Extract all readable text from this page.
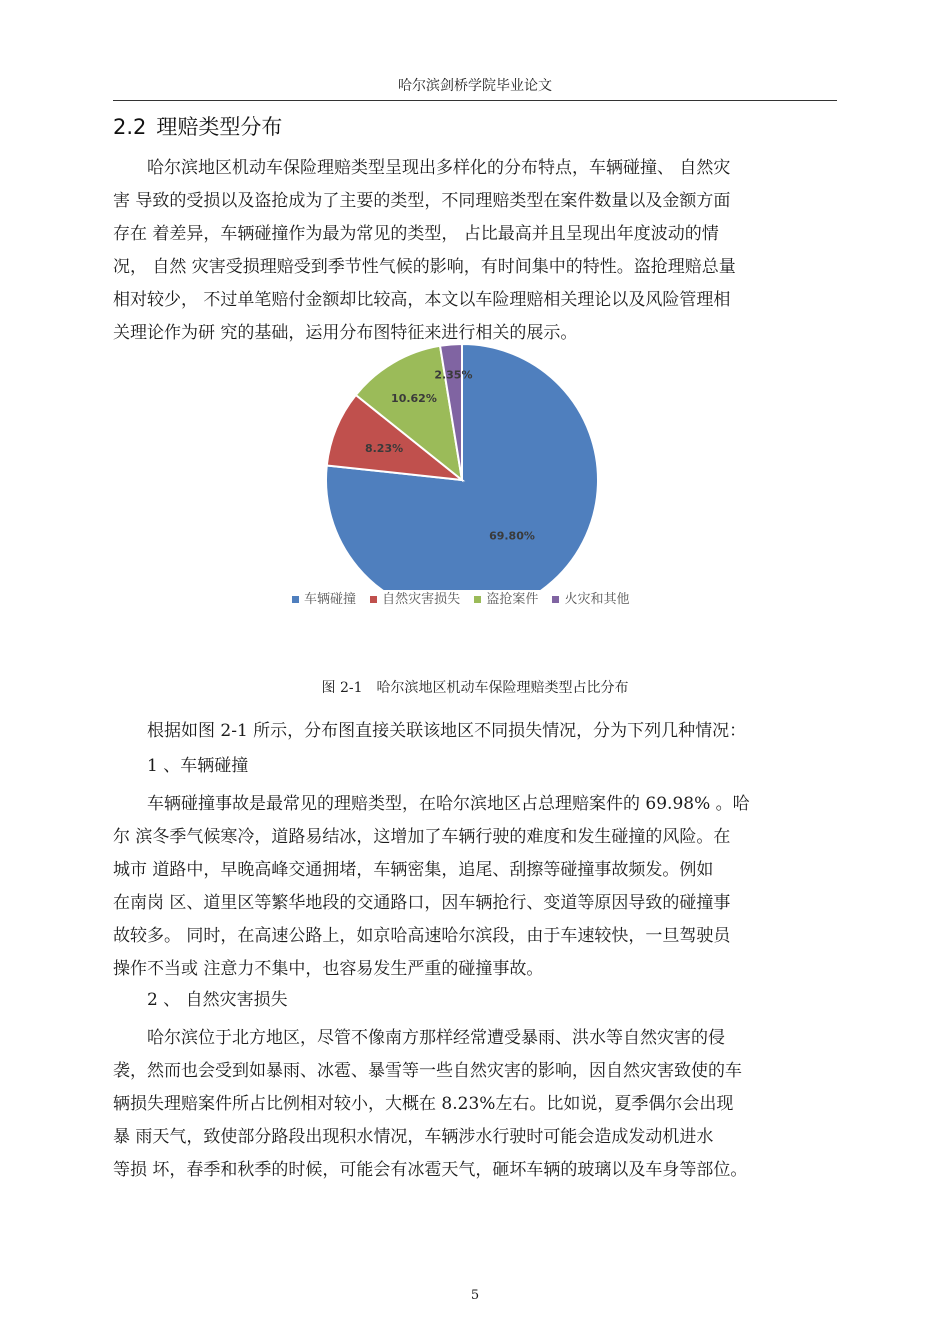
哈尔滨剑桥学院毕业论文
2.2 理赔类型分布

哈尔滨地区机动车保险理赔类型呈现出多样化的分布特点，车辆碰撞、 自然灾
害 导致的受损以及盗抢成为了主要的类型，不同理赔类型在案件数量以及金额方面
存在 着差异，车辆碰撞作为最为常见的类型， 占比最高并且呈现出年度波动的情
况， 自然 灾害受损理赔受到季节性气候的影响，有时间集中的特性。盗抢理赔总量
相对较少， 不过单笔赔付金额却比较高，本文以车险理赔相关理论以及风险管理相
关理论作为研 究的基础，运用分布图特征来进行相关的展示。

69.80%
8.23%
10.62%
2.35%
车辆碰撞 自然灾害损失 盗抢案件 火灾和其他
图 2-1 哈尔滨地区机动车保险理赔类型占比分布
根据如图 2-1 所示，分布图直接关联该地区不同损失情况，分为下列几种情况：
1 、车辆碰撞

车辆碰撞事故是最常见的理赔类型，在哈尔滨地区占总理赔案件的 69.98% 。哈
尔 滨冬季气候寒冷，道路易结冰，这增加了车辆行驶的难度和发生碰撞的风险。在
城市 道路中，早晚高峰交通拥堵，车辆密集，追尾、刮擦等碰撞事故频发。例如
在南岗 区、道里区等繁华地段的交通路口，因车辆抢行、变道等原因导致的碰撞事
故较多。 同时，在高速公路上，如京哈高速哈尔滨段，由于车速较快，一旦驾驶员
操作不当或 注意力不集中，也容易发生严重的碰撞事故。

2 、 自然灾害损失

哈尔滨位于北方地区，尽管不像南方那样经常遭受暴雨、洪水等自然灾害的侵
袭，然而也会受到如暴雨、冰雹、暴雪等一些自然灾害的影响，因自然灾害致使的车
辆损失理赔案件所占比例相对较小，大概在 8.23%左右。比如说，夏季偶尔会出现
暴 雨天气，致使部分路段出现积水情况，车辆涉水行驶时可能会造成发动机进水
等损 坏，春季和秋季的时候，可能会有冰雹天气，砸坏车辆的玻璃以及车身等部位。

5
